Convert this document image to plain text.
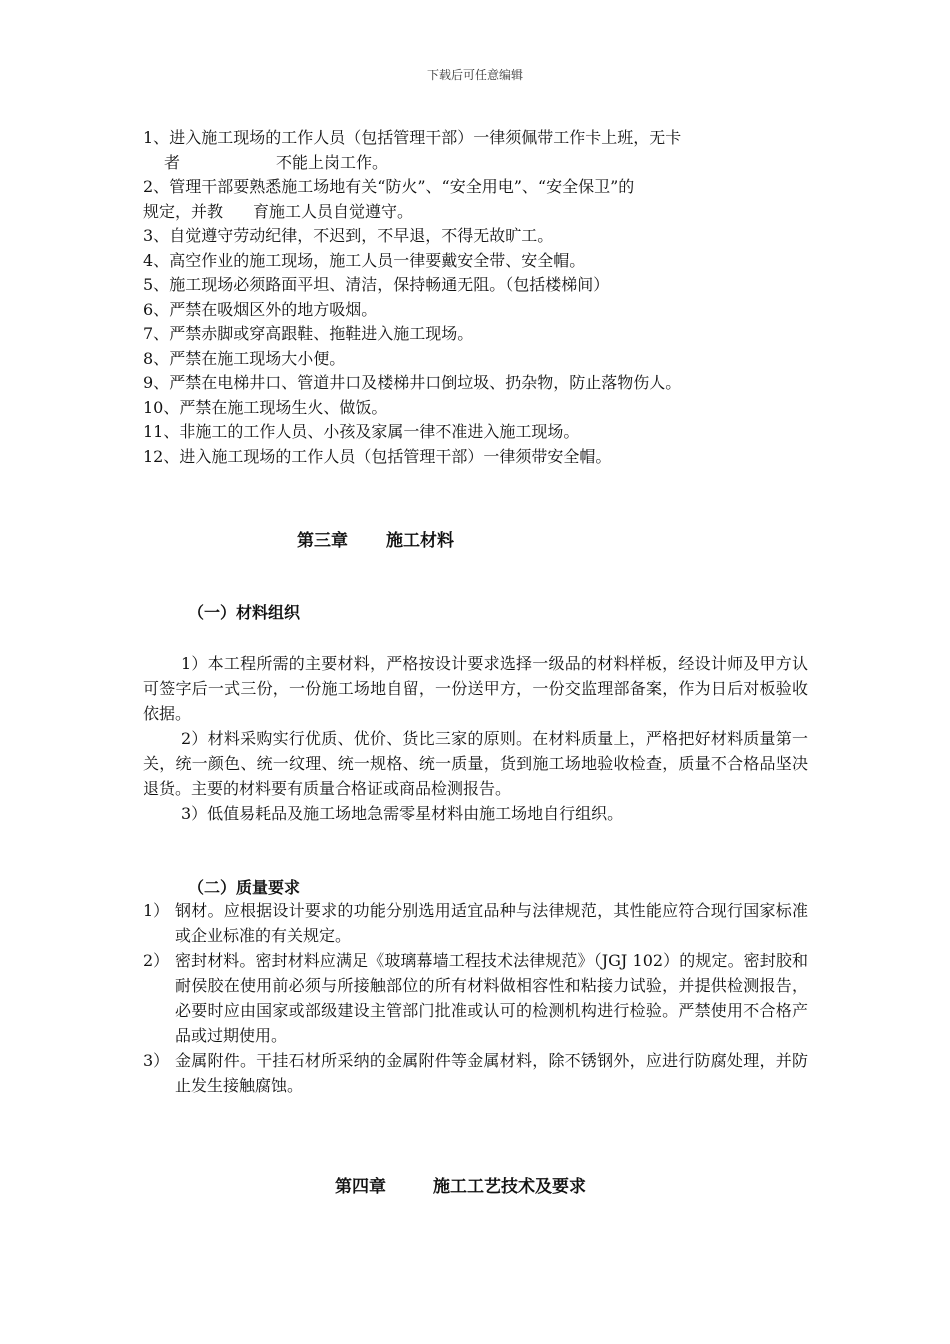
下载后可任意编辑

1、进入施工现场的工作人员（包括管理干部）一律须佩带工作卡上班，无卡

者	不能上岗工作。

2、管理干部要熟悉施工场地有关“防火”、“安全用电”、“安全保卫”的

规定，并教 育施工人员自觉遵守。

3、自觉遵守劳动纪律，不迟到，不早退，不得无故旷工。

4、高空作业的施工现场，施工人员一律要戴安全带、安全帽。

5、施工现场必须路面平坦、清洁，保持畅通无阻。（包括楼梯间）

6、严禁在吸烟区外的地方吸烟。

7、严禁赤脚或穿高跟鞋、拖鞋进入施工现场。

8、严禁在施工现场大小便。

9、严禁在电梯井口、管道井口及楼梯井口倒垃圾、扔杂物，防止落物伤人。

10、严禁在施工现场生火、做饭。

11、非施工的工作人员、小孩及家属一律不准进入施工现场。

12、进入施工现场的工作人员（包括管理干部）一律须带安全帽。

第三章 施工材料
（一）材料组织

1）本工程所需的主要材料，严格按设计要求选择一级品的材料样板，经设计师及甲方认可签字后一式三份，一份施工场地自留，一份送甲方，一份交监理部备案，作为日后对板验收依据。

2）材料采购实行优质、优价、货比三家的原则。在材料质量上，严格把好材料质量第一关，统一颜色、统一纹理、统一规格、统一质量，货到施工场地验收检查，质量不合格品坚决退货。主要的材料要有质量合格证或商品检测报告。

3）低值易耗品及施工场地急需零星材料由施工场地自行组织。

（二）质量要求
1） 钢材。应根据设计要求的功能分别选用适宜品种与法律规范，其性能应符合现行国家标准或企业标准的有关规定。
2） 密封材料。密封材料应满足《玻璃幕墙工程技术法律规范》（JGJ 102）的规定。密封胶和耐侯胶在使用前必须与所接触部位的所有材料做相容性和粘接力试验，并提供检测报告，必要时应由国家或部级建设主管部门批准或认可的检测机构进行检验。严禁使用不合格产品或过期使用。
3） 金属附件。干挂石材所采纳的金属附件等金属材料，除不锈钢外，应进行防腐处理，并防止发生接触腐蚀。
第四章	施工工艺技术及要求
